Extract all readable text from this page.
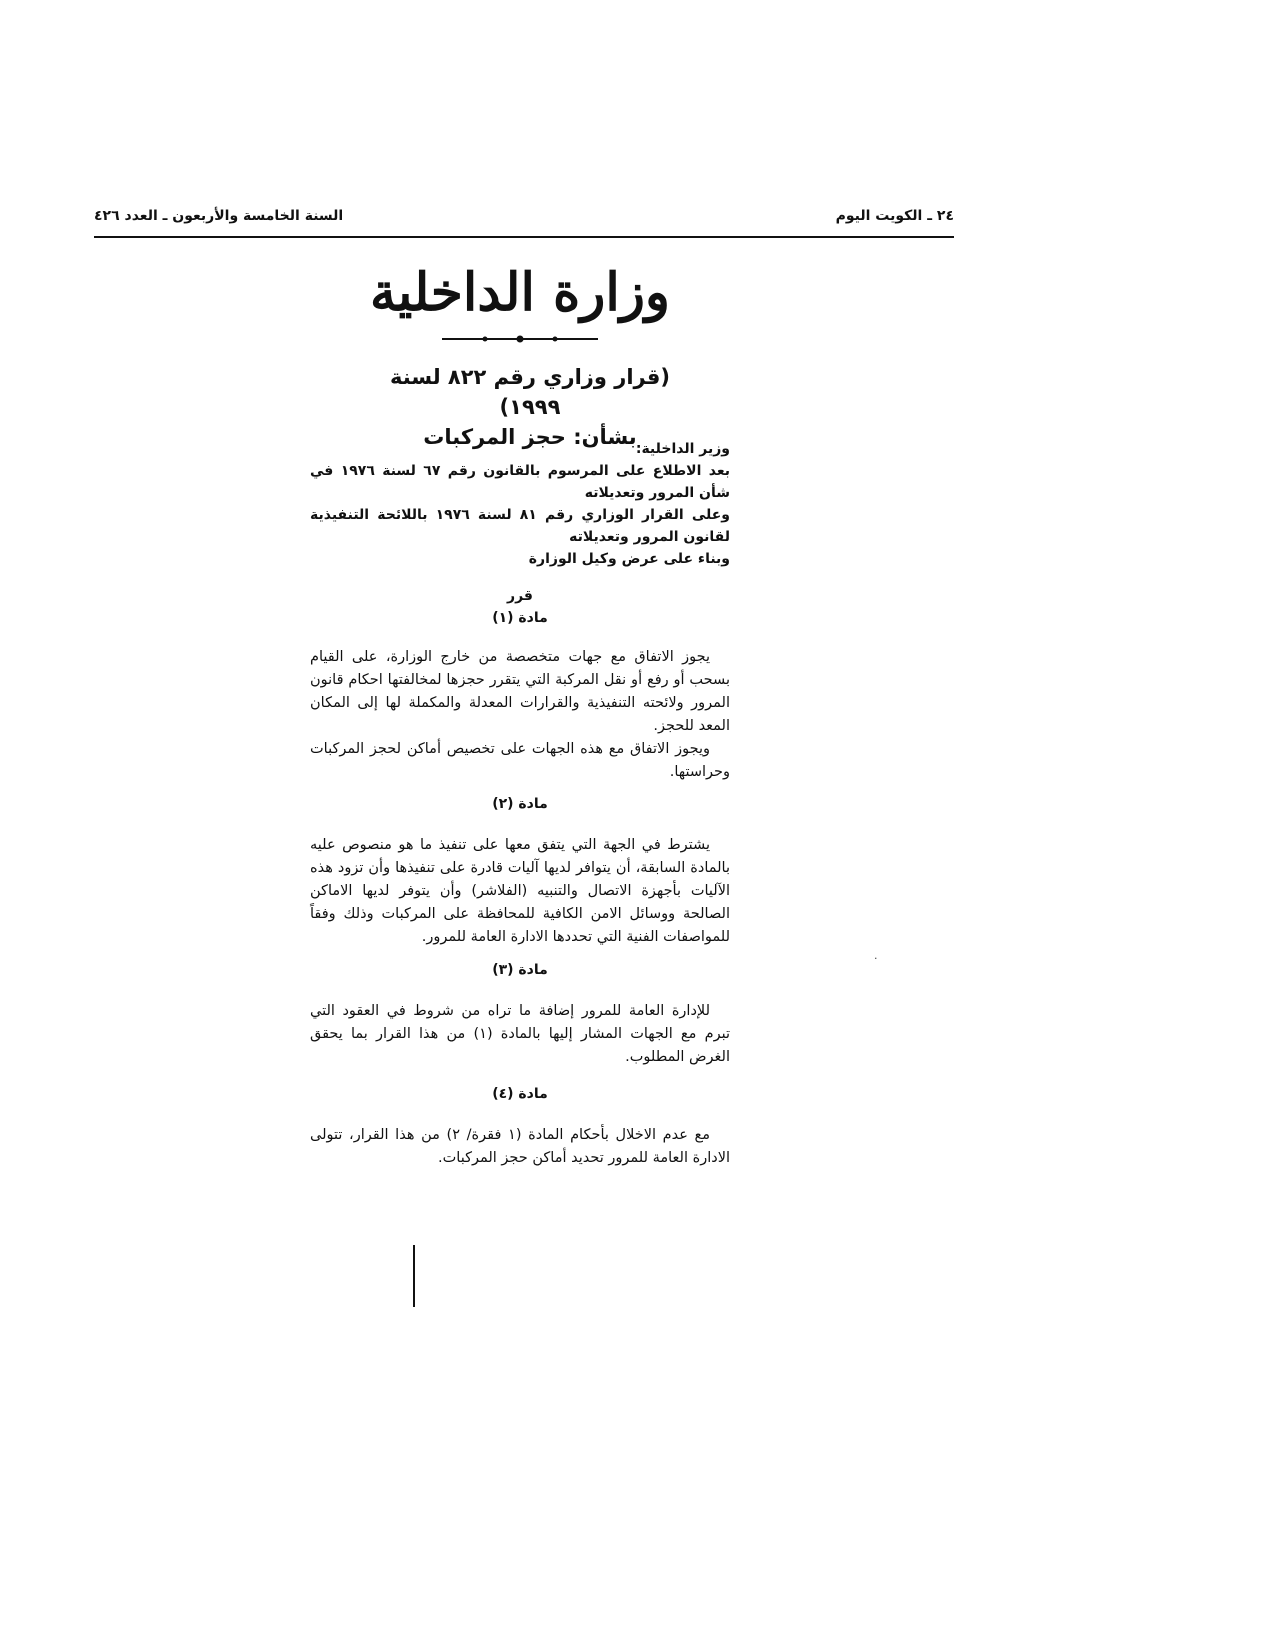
٢٤ ـ الكويت اليوم
السنة الخامسة والأربعون ـ العدد ٤٢٦
وزارة الداخلية
(قرار وزاري رقم ٨٢٢ لسنة ١٩٩٩)
بشأن: حجز المركبات وزير الداخلية:

بعد الاطلاع على المرسوم بالقانون رقم ٦٧ لسنة ١٩٧٦ في شأن المرور وتعديلاته

وعلى القرار الوزاري رقم ٨١ لسنة ١٩٧٦ باللائحة التنفيذية لقانون المرور وتعديلاته

وبناء على عرض وكيل الوزارة

قرر
مادة (١)

يجوز الاتفاق مع جهات متخصصة من خارج الوزارة، على القيام بسحب أو رفع أو نقل المركبة التي يتقرر حجزها لمخالفتها احكام قانون المرور ولائحته التنفيذية والقرارات المعدلة والمكملة لها إلى المكان المعد للحجز.

ويجوز الاتفاق مع هذه الجهات على تخصيص أماكن لحجز المركبات وحراستها.

مادة (٢)

يشترط في الجهة التي يتفق معها على تنفيذ ما هو منصوص عليه بالمادة السابقة، أن يتوافر لديها آليات قادرة على تنفيذها وأن تزود هذه الآليات بأجهزة الاتصال والتنبيه (الفلاشر) وأن يتوفر لديها الاماكن الصالحة ووسائل الامن الكافية للمحافظة على المركبات وذلك وفقاً للمواصفات الفنية التي تحددها الادارة العامة للمرور.

مادة (٣)

للإدارة العامة للمرور إضافة ما تراه من شروط في العقود التي تبرم مع الجهات المشار إليها بالمادة (١) من هذا القرار بما يحقق الغرض المطلوب.

مادة (٤)

مع عدم الاخلال بأحكام المادة (١ فقرة/ ٢) من هذا القرار، تتولى الادارة العامة للمرور تحديد أماكن حجز المركبات.

·
